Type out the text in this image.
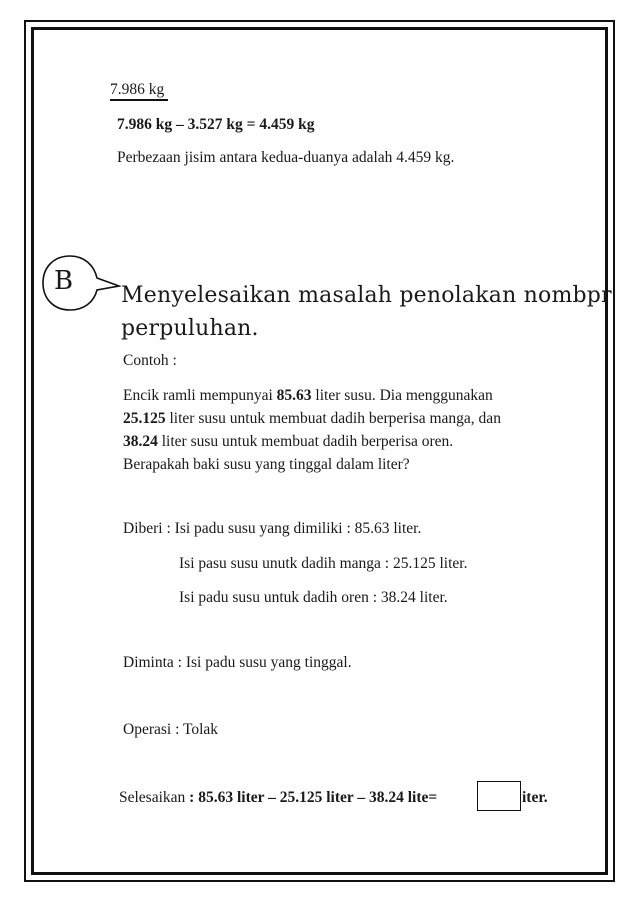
7.986 kg
7.986 kg – 3.527 kg = 4.459 kg
Perbezaan jisim antara kedua-duanya adalah 4.459 kg.
B Menyelesaikan masalah penolakan nombpr
perpuluhan.
Contoh :
Encik ramli mempunyai 85.63 liter susu. Dia menggunakan
25.125 liter susu untuk membuat dadih berperisa manga, dan
38.24 liter susu untuk membuat dadih berperisa oren.
Berapakah baki susu yang tinggal dalam liter?
Diberi : Isi padu susu yang dimiliki : 85.63 liter.
Isi pasu susu unutk dadih manga : 25.125 liter.
Isi padu susu untuk dadih oren : 38.24 liter.
Diminta : Isi padu susu yang tinggal.
Operasi : Tolak
Selesaikan : 85.63 liter – 25.125 liter – 38.24 lite=	iter.
